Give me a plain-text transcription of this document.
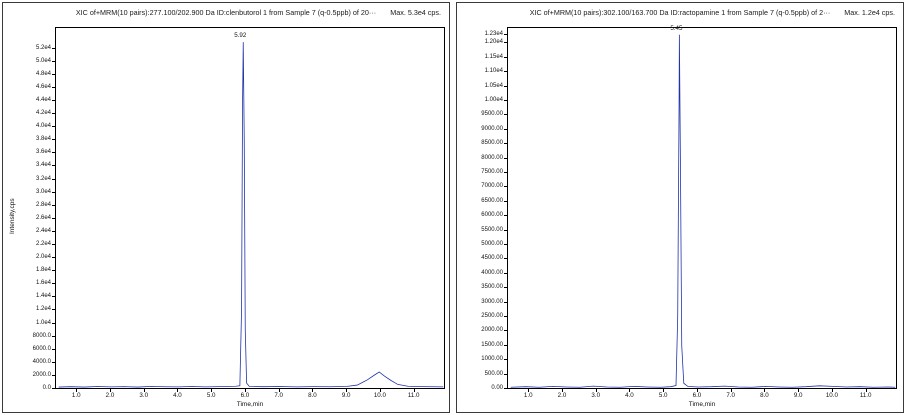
XIC of+MRM(10 pairs):277.100/202.900 Da ID:clenbutorol 1 from Sample 7 (q-0.5ppb) of 20···	Max. 5.3e4 cps.
Intensity,cps
5.2e4
5.0e4
4.8e4
4.6e4
4.4e4
4.2e4
4.0e4
3.8e4
3.6e4
3.4e4
3.2e4
3.0e4
2.8e4
2.6e4
2.4e4
2.2e4
2.0e4
1.8e4
1.6e4
1.4e4
1.2e4
1.0e4
8000.0
6000.0
4000.0
2000.0
0.0
1.0	2.0	3.0	4.0	5.0	6.0	7.0	8.0	9.0	10.0	11.0
5.92
Time,min
XIC of+MRM(10 pairs):302.100/163.700 Da ID:ractopamine 1 from Sample 7 (q-0.5ppb) of 2···	Max. 1.2e4 cps.
1.23e4
1.20e4
1.15e4
1.10e4
1.05e4
1.00e4
9500.00
9000.00
8500.00
8000.00
7500.00
7000.00
6500.00
6000.00
5500.00
5000.00
4500.00
4000.00
3500.00
3000.00
2500.00
2000.00
1500.00
1000.00
500.00
0.00
1.0	2.0	3.0	4.0	5.0	6.0	7.0	8.0	9.0	10.0	11.0
5.45
Time,min
